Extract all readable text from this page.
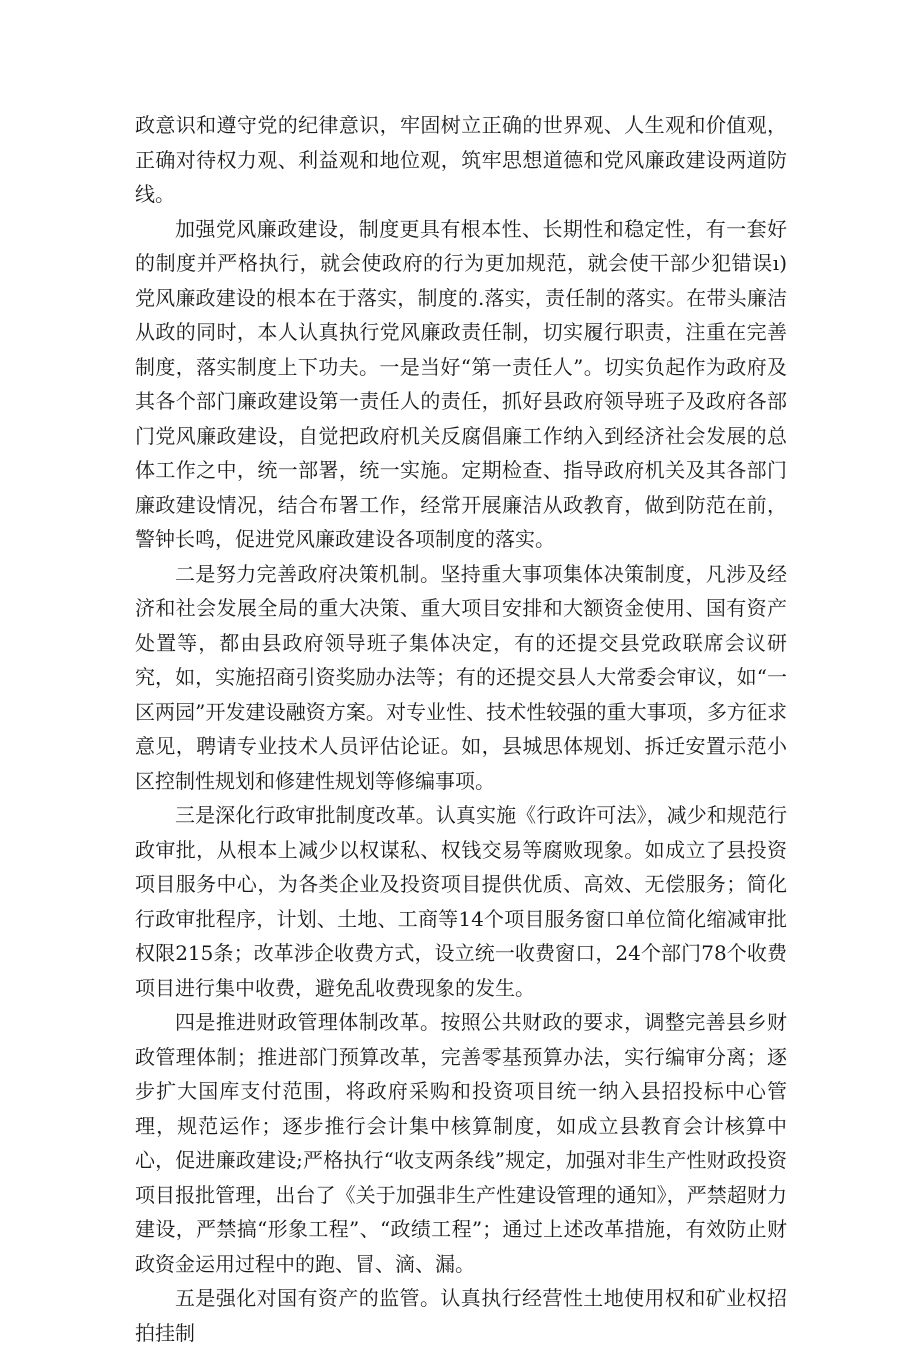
政意识和遵守党的纪律意识，牢固树立正确的世界观、人生观和价值观，正确对待权力观、利益观和地位观，筑牢思想道德和党风廉政建设两道防线。

加强党风廉政建设，制度更具有根本性、长期性和稳定性，有一套好的制度并严格执行，就会使政府的行为更加规范，就会使干部少犯错误ı)党风廉政建设的根本在于落实，制度的.落实，责任制的落实。在带头廉洁从政的同时，本人认真执行党风廉政责任制，切实履行职责，注重在完善制度，落实制度上下功夫。一是当好“第一责任人”。切实负起作为政府及其各个部门廉政建设第一责任人的责任，抓好县政府领导班子及政府各部门党风廉政建设，自觉把政府机关反腐倡廉工作纳入到经济社会发展的总体工作之中，统一部署，统一实施。定期检查、指导政府机关及其各部门廉政建设情况，结合布署工作，经常开展廉洁从政教育，做到防范在前，警钟长鸣，促进党风廉政建设各项制度的落实。

二是努力完善政府决策机制。坚持重大事项集体决策制度，凡涉及经济和社会发展全局的重大决策、重大项目安排和大额资金使用、国有资产处置等，都由县政府领导班子集体决定，有的还提交县党政联席会议研究，如，实施招商引资奖励办法等；有的还提交县人大常委会审议，如“一区两园”开发建设融资方案。对专业性、技术性较强的重大事项，多方征求意见，聘请专业技术人员评估论证。如，县城思体规划、拆迁安置示范小区控制性规划和修建性规划等修编事项。

三是深化行政审批制度改革。认真实施《行政许可法》，减少和规范行政审批，从根本上减少以权谋私、权钱交易等腐败现象。如成立了县投资项目服务中心，为各类企业及投资项目提供优质、高效、无偿服务；简化行政审批程序，计划、土地、工商等14个项目服务窗口单位简化缩减审批权限215条；改革涉企收费方式，设立统一收费窗口，24个部门78个收费项目进行集中收费，避免乱收费现象的发生。

四是推进财政管理体制改革。按照公共财政的要求，调整完善县乡财政管理体制；推进部门预算改革，完善零基预算办法，实行编审分离；逐步扩大国库支付范围，将政府采购和投资项目统一纳入县招投标中心管理，规范运作；逐步推行会计集中核算制度，如成立县教育会计核算中心，促进廉政建设;严格执行“收支两条线”规定，加强对非生产性财政投资项目报批管理，出台了《关于加强非生产性建设管理的通知》，严禁超财力建设，严禁搞“形象工程”、“政绩工程”；通过上述改革措施，有效防止财政资金运用过程中的跑、冒、滴、漏。

五是强化对国有资产的监管。认真执行经营性土地使用权和矿业权招拍挂制
